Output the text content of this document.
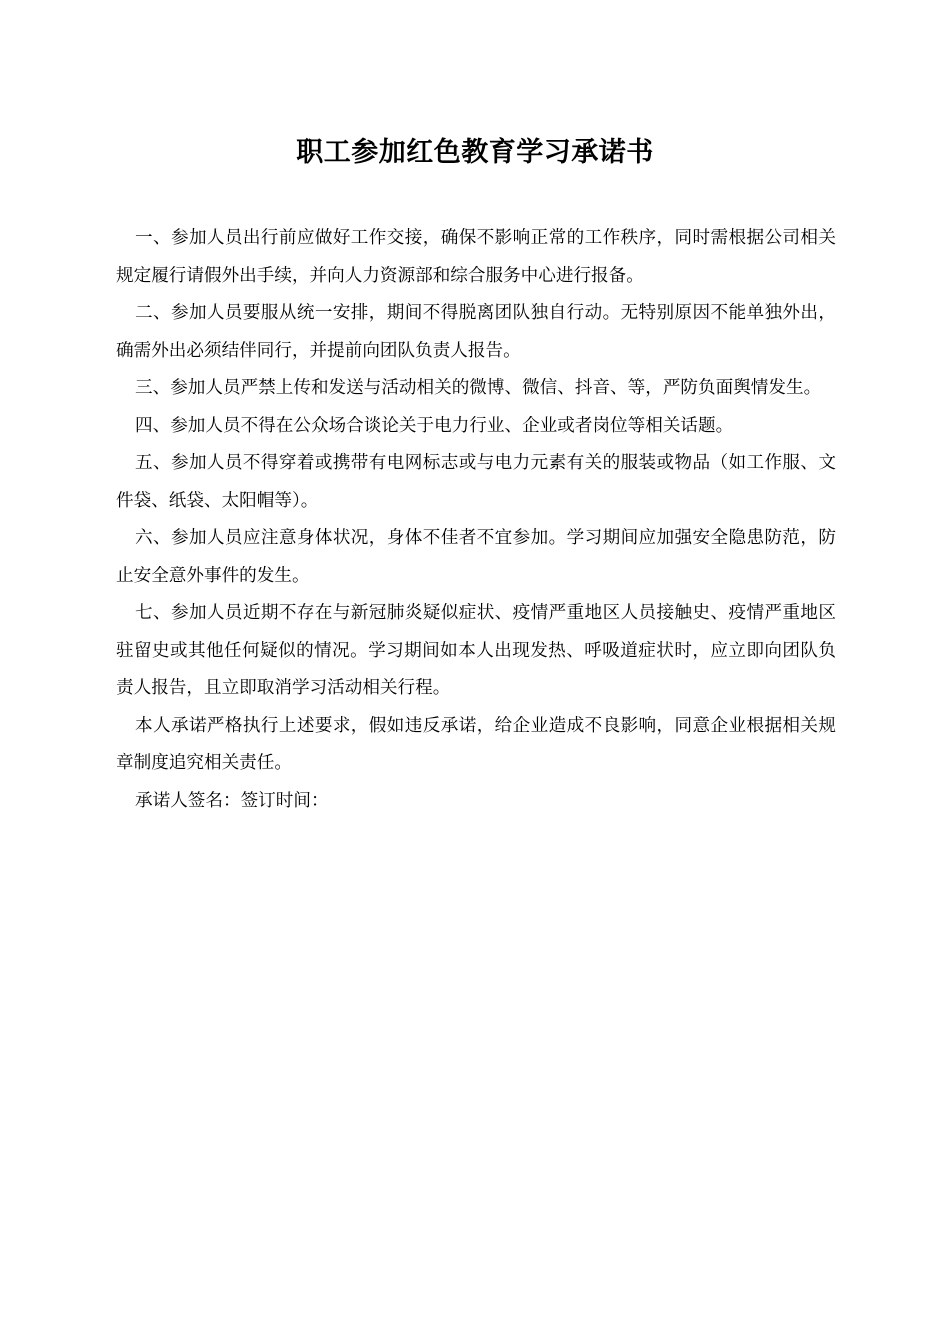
职工参加红色教育学习承诺书

一、参加人员出行前应做好工作交接，确保不影响正常的工作秩序，同时需根据公司相关规定履行请假外出手续，并向人力资源部和综合服务中心进行报备。

二、参加人员要服从统一安排，期间不得脱离团队独自行动。无特别原因不能单独外出，确需外出必须结伴同行，并提前向团队负责人报告。

三、参加人员严禁上传和发送与活动相关的微博、微信、抖音、等，严防负面舆情发生。

四、参加人员不得在公众场合谈论关于电力行业、企业或者岗位等相关话题。

五、参加人员不得穿着或携带有电网标志或与电力元素有关的服装或物品（如工作服、文件袋、纸袋、太阳帽等）。

六、参加人员应注意身体状况，身体不佳者不宜参加。学习期间应加强安全隐患防范，防止安全意外事件的发生。

七、参加人员近期不存在与新冠肺炎疑似症状、疫情严重地区人员接触史、疫情严重地区驻留史或其他任何疑似的情况。学习期间如本人出现发热、呼吸道症状时，应立即向团队负责人报告，且立即取消学习活动相关行程。

本人承诺严格执行上述要求，假如违反承诺，给企业造成不良影响，同意企业根据相关规章制度追究相关责任。

承诺人签名：签订时间：
